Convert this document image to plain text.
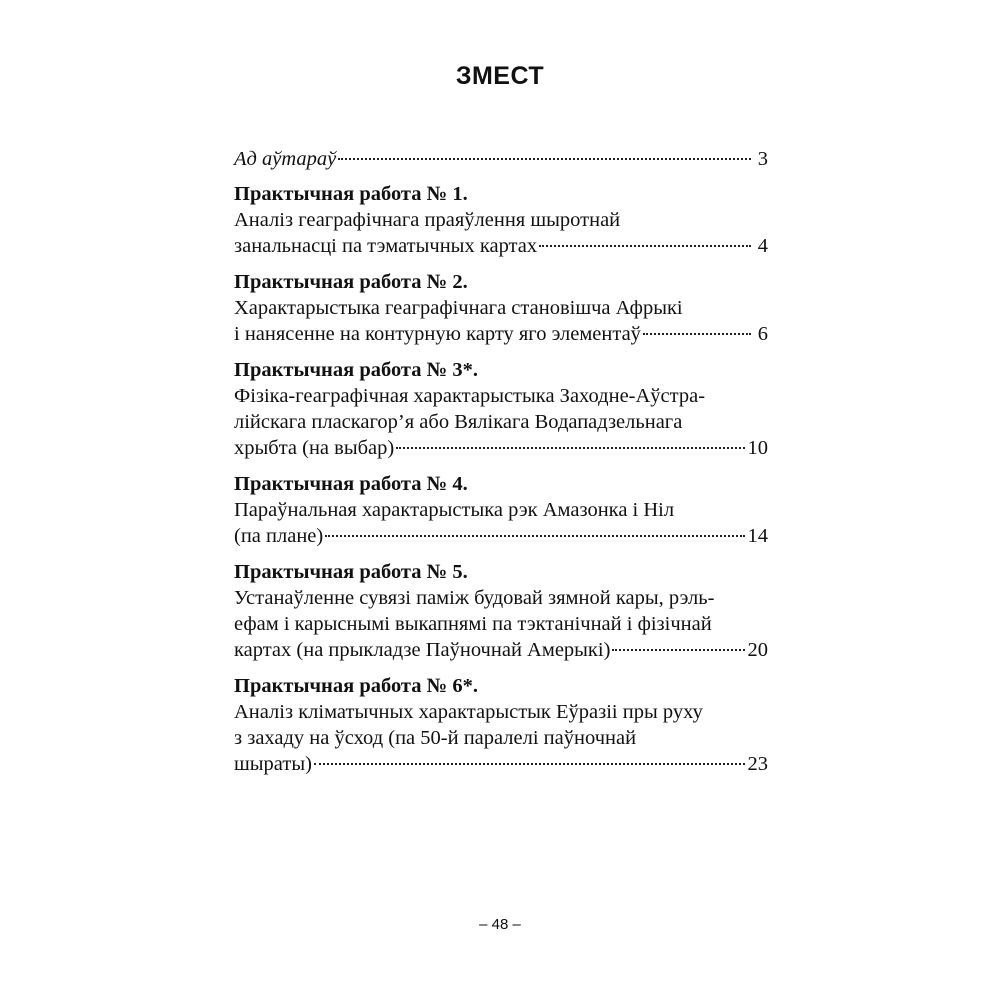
ЗМЕСТ
Ад аўтараў	3
Практычная работа № 1.
Аналіз геаграфічнага праяўлення шыротнай
занальнасці па тэматычных картах	4
Практычная работа № 2.
Характарыстыка геаграфічнага становішча Афрыкі
і нанясенне на контурную карту яго элементаў	6
Практычная работа № 3*.
Фізіка-геаграфічная характарыстыка Заходне-Аўстра-
лійскага пласкагор’я або Вялікага Водападзельнага
хрыбта (на выбар)	10
Практычная работа № 4.
Параўнальная характарыстыка рэк Амазонка і Ніл
(па плане)	14
Практычная работа № 5.
Устанаўленне сувязі паміж будовай зямной кары, рэль-
ефам і карыснымі выкапнямі па тэктанічнай і фізічнай
картах (на прыкладзе Паўночнай Амерыкі)	20
Практычная работа № 6*.
Аналіз кліматычных характарыстык Еўразіі пры руху
з захаду на ўсход (па 50-й паралелі паўночнай
шыраты)	23
– 48 –
